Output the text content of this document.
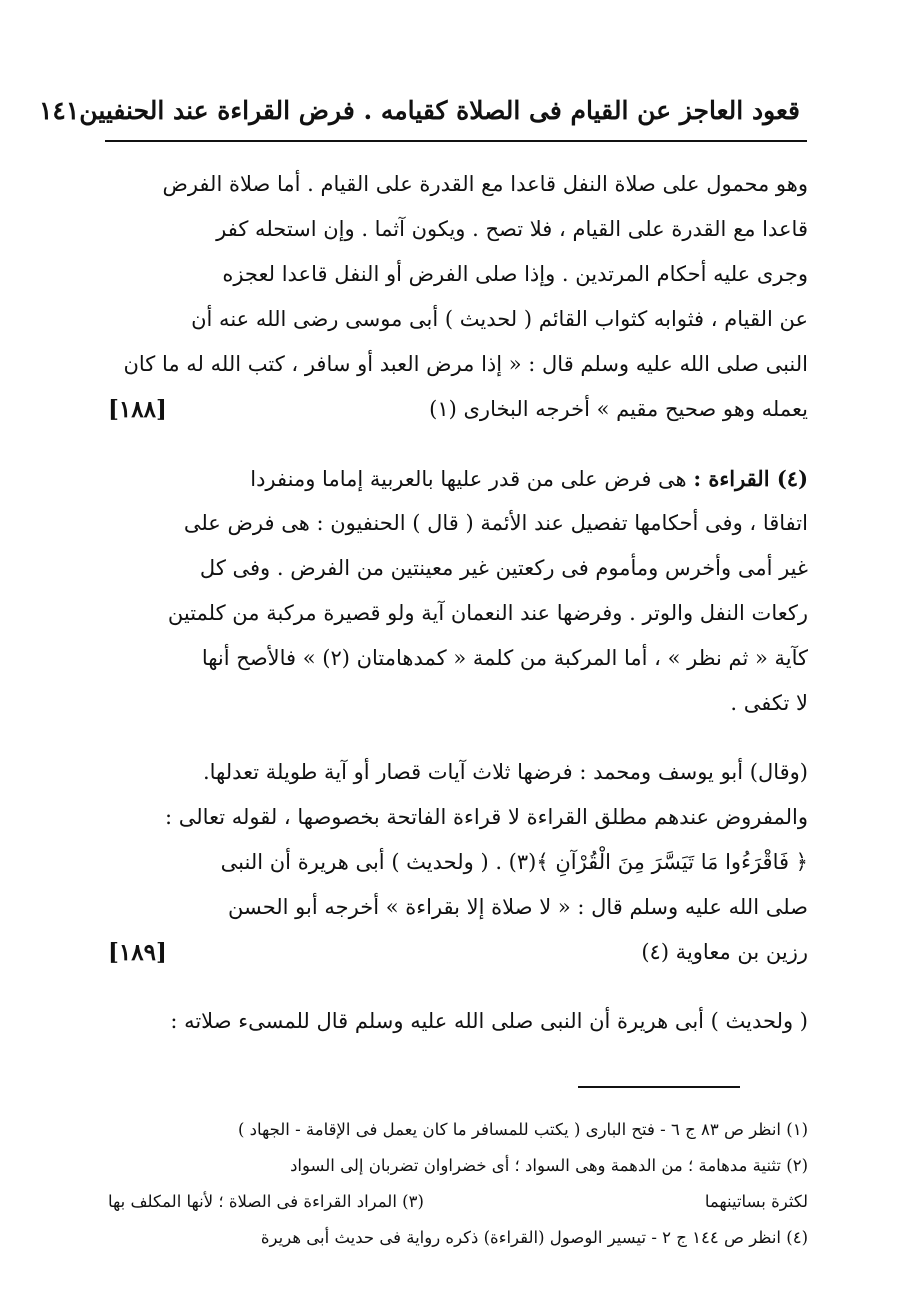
قعود العاجز عن القيام فى الصلاة كقيامه . فرض القراءة عند الحنفيين
١٤١
وهو محمول على صلاة النفل قاعدا مع القدرة على القيام . أما صلاة الفرض
قاعدا مع القدرة على القيام ، فلا تصح . ويكون آثما . وإن استحله كفر
وجرى عليه أحكام المرتدين . وإذا صلى الفرض أو النفل قاعدا لعجزه
عن القيام ، فثوابه كثواب القائم ( لحديث ) أبى موسى رضى الله عنه أن
النبى صلى الله عليه وسلم قال : « إذا مرض العبد أو سافر ، كتب الله له ما كان
يعمله وهو صحيح مقيم » أخرجه البخارى (١)
[١٨٨]
(٤) القراءة : هى فرض على من قدر عليها بالعربية إماما ومنفردا
اتفاقا ، وفى أحكامها تفصيل عند الأئمة ( قال ) الحنفيون : هى فرض على
غير أمى وأخرس ومأموم فى ركعتين غير معينتين من الفرض . وفى كل
ركعات النفل والوتر . وفرضها عند النعمان آية ولو قصيرة مركبة من كلمتين
كآية « ثم نظر » ، أما المركبة من كلمة « كمدهامتان (٢) » فالأصح أنها
لا تكفى .
(وقال) أبو يوسف ومحمد : فرضها ثلاث آيات قصار أو آية طويلة تعدلها.
والمفروض عندهم مطلق القراءة لا قراءة الفاتحة بخصوصها ، لقوله تعالى :
﴿ فَاقْرَءُوا مَا تَيَسَّرَ مِنَ الْقُرْآنِ ﴾(٣) . ( ولحديث ) أبى هريرة أن النبى
صلى الله عليه وسلم قال : « لا صلاة إلا بقراءة » أخرجه أبو الحسن
رزين بن معاوية (٤)
[١٨٩]
( ولحديث ) أبى هريرة أن النبى صلى الله عليه وسلم قال للمسىء صلاته :
(١) انظر ص ٨٣ ج ٦ - فتح البارى ( يكتب للمسافر ما كان يعمل فى الإقامة - الجهاد )
(٢) تثنية مدهامة ؛ من الدهمة وهى السواد ؛ أى خضراوان تضربان إلى السواد
لكثرة بساتينهما
(٣) المراد القراءة فى الصلاة ؛ لأنها المكلف بها
(٤) انظر ص ١٤٤ ج ٢ - تيسير الوصول (القراءة) ذكره رواية فى حديث أبى هريرة
